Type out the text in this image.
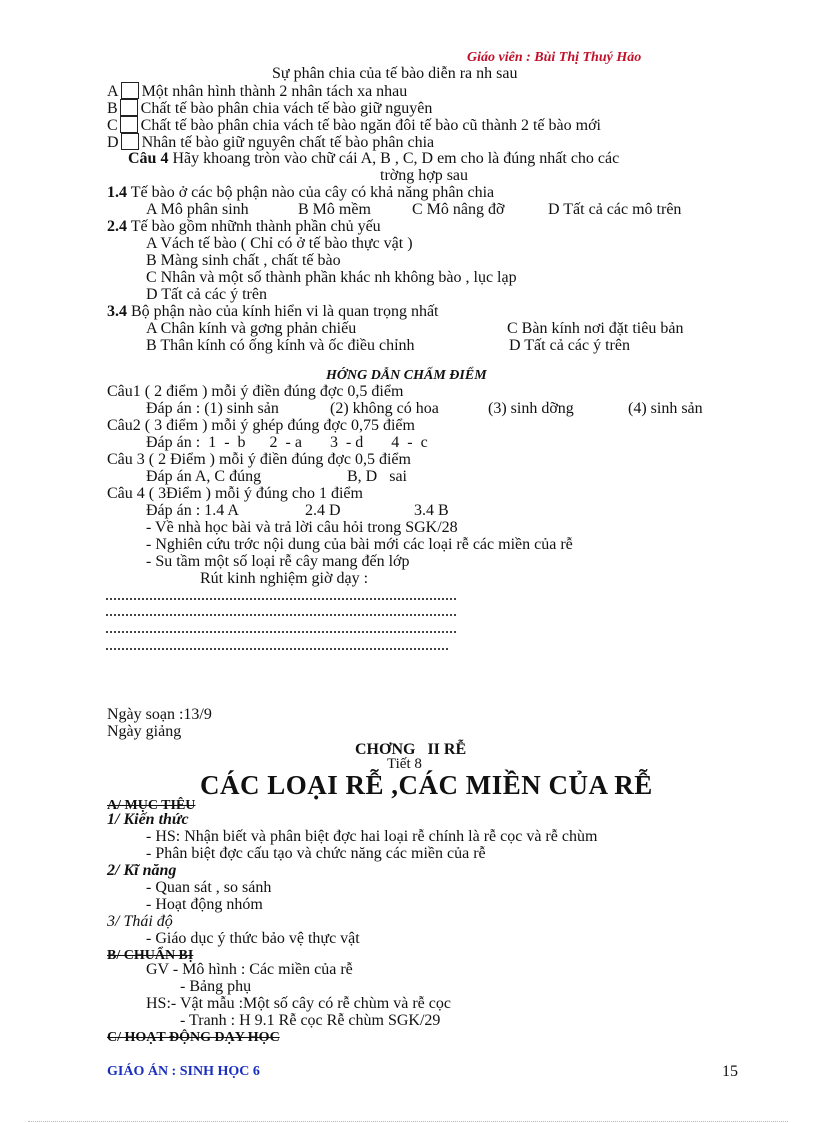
Giáo viên : Bùi Thị Thuý Hảo
Sự phân chia của tế bào diễn ra nh sau
A Một nhân hình thành 2 nhân tách xa nhau
B Chất tế bào phân chia vách tế bào giữ nguyên
C Chất tế bào phân chia vách tế bào ngăn đôi tế bào cũ thành 2 tế bào mới
D Nhân tế bào giữ nguyên chất tế bào phân chia
Câu 4 Hãy khoang tròn vào chữ cái A, B , C, D em cho là đúng nhất cho các
trờng hợp sau
1.4 Tế bào ở các bộ phận nào của cây có khả năng phân chia
A Mô phân sinh	B Mô mềm	C Mô nâng đỡ	D Tất cả các mô trên
2.4 Tế bào gồm nhữnh thành phần chủ yếu
A Vách tế bào ( Chỉ có ở tế bào thực vật )
B Màng sinh chất , chất tế bào
C Nhân và một số thành phần khác nh không bào , lục lạp
D Tất cả các ý trên
3.4 Bộ phận nào của kính hiển vi là quan trọng nhất
A Chân kính và gơng phản chiếu	C Bàn kính nơi đặt tiêu bản
B Thân kính có ống kính và ốc điều chỉnh	D Tất cả các ý trên
HỚNG DẪN CHẤM ĐIỂM
Câu1 ( 2 điểm ) mỗi ý điền đúng đợc 0,5 điểm
Đáp án : (1) sinh sản	(2) không có hoa	(3) sinh dỡng	(4) sinh sản
Câu2 ( 3 điểm ) mỗi ý ghép đúng đợc 0,75 điểm
Đáp án :  1  -  b      2  - a       3  - d       4  -  c
Câu 3 ( 2 Điểm ) mỗi ý điền đúng đợc 0,5 điểm
Đáp án A, C đúng	B, D   sai
Câu 4 ( 3Điểm ) mỗi ý đúng cho 1 điểm
Đáp án : 1.4 A	2.4 D	3.4 B
- Về nhà học bài và trả lời câu hỏi trong SGK/28
- Nghiên cứu trớc nội dung của bài mới các loại rễ các miền của rễ
- Su tầm một số loại rễ cây mang đến lớp
Rút kinh nghiệm giờ dạy :
Ngày soạn :13/9
Ngày giảng
CHƠNG   II RỄ
Tiết 8
CÁC LOẠI RỄ ,CÁC MIỀN CỦA RỄ
A/ MỤC TIÊU
1/ Kiến thức
- HS: Nhận biết và phân biệt đợc hai loại rễ chính là rễ cọc và rễ chùm
- Phân biệt đợc cấu tạo và chức năng các miền của rễ
2/ Kĩ năng
- Quan sát , so sánh
- Hoạt động nhóm
3/ Thái độ
- Giáo dục ý thức bảo vệ thực vật
B/ CHUẨN BỊ
GV - Mô hình : Các miền của rễ
- Bảng phụ
HS:- Vật mẫu :Một số cây có rễ chùm và rễ cọc
- Tranh : H 9.1 Rễ cọc Rễ chùm SGK/29
C/ HOẠT ĐỘNG DẠY HỌC
GIÁO ÁN : SINH HỌC 6	15
